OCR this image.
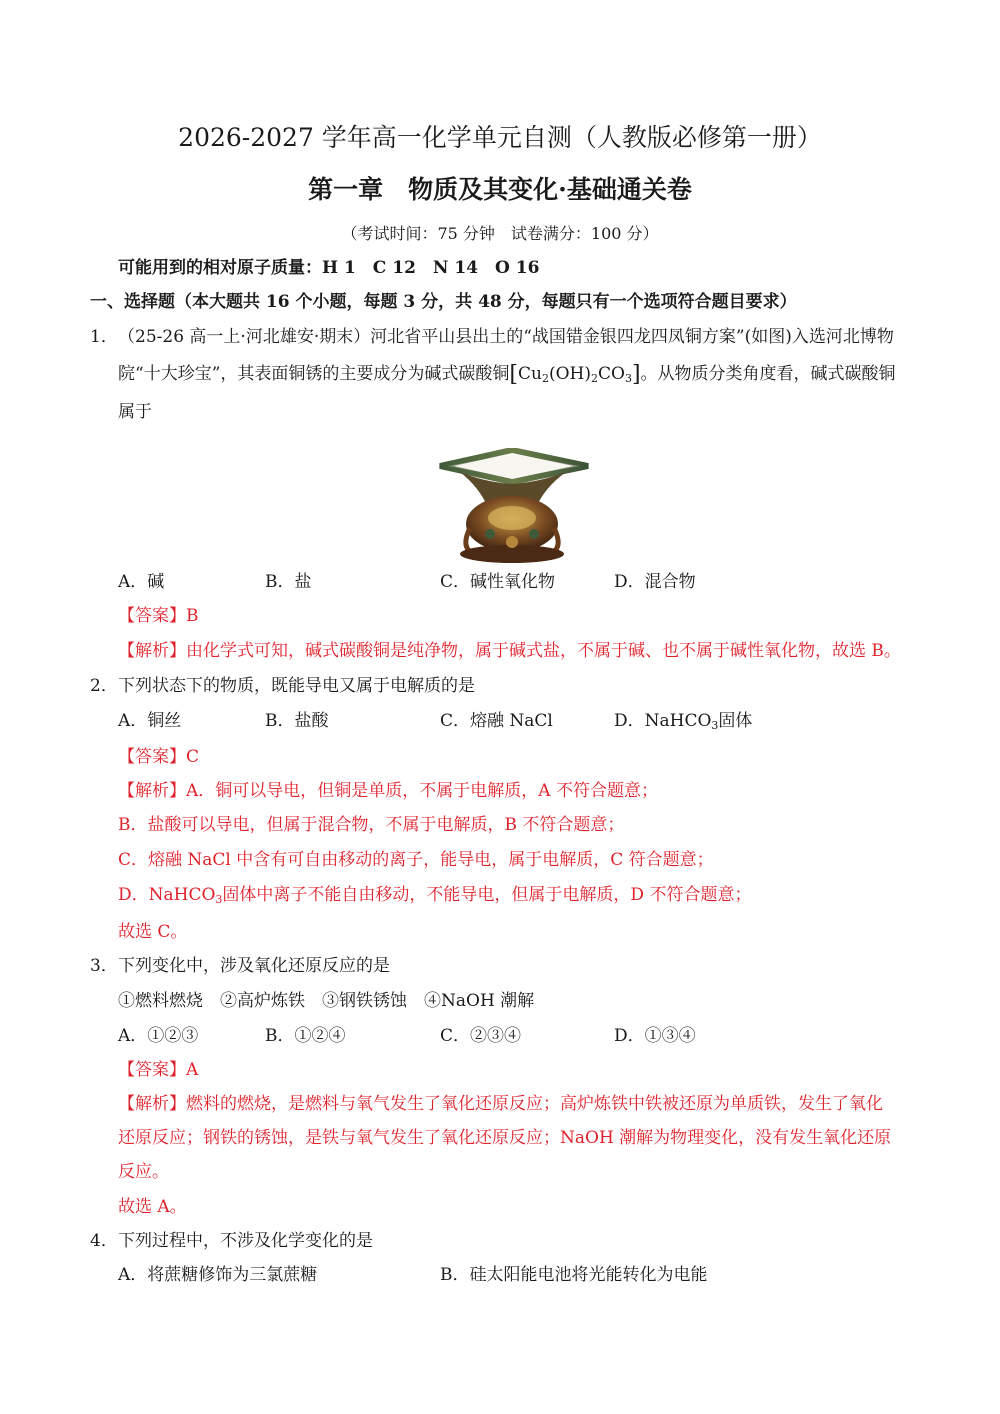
2026-2027 学年高一化学单元自测（人教版必修第一册）
第一章　物质及其变化·基础通关卷
（考试时间：75 分钟　试卷满分：100 分）
可能用到的相对原子质量：H 1　C 12　N 14　O 16
一、选择题（本大题共 16 个小题，每题 3 分，共 48 分，每题只有一个选项符合题目要求）
1． （25-26 高一上·河北雄安·期末）河北省平山县出土的“战国错金银四龙四凤铜方案”(如图)入选河北博物
院“十大珍宝”，其表面铜锈的主要成分为碱式碳酸铜$[Cu_2(OH)_2CO_3]$。从物质分类角度看，碱式碳酸铜
属于
A．碱	B．盐	C．碱性氧化物	D．混合物
【答案】B
【解析】由化学式可知，碱式碳酸铜是纯净物，属于碱式盐，不属于碱、也不属于碱性氧化物，故选 B。
2． 下列状态下的物质，既能导电又属于电解质的是
A．铜丝	B．盐酸	C．熔融 NaCl	D．NaHCO$_3$固体
【答案】C
【解析】A．铜可以导电，但铜是单质，不属于电解质，A 不符合题意；
B．盐酸可以导电，但属于混合物，不属于电解质，B 不符合题意；
C．熔融 NaCl 中含有可自由移动的离子，能导电，属于电解质，C 符合题意；
D．NaHCO$_3$固体中离子不能自由移动，不能导电，但属于电解质，D 不符合题意；
故选 C。
3． 下列变化中，涉及氧化还原反应的是
①燃料燃烧　②高炉炼铁　③钢铁锈蚀　④NaOH 潮解
A．①②③	B．①②④	C．②③④	D．①③④
【答案】A
【解析】燃料的燃烧，是燃料与氧气发生了氧化还原反应；高炉炼铁中铁被还原为单质铁，发生了氧化
还原反应；钢铁的锈蚀，是铁与氧气发生了氧化还原反应；NaOH 潮解为物理变化，没有发生氧化还原
反应。
故选 A。
4． 下列过程中，不涉及化学变化的是
A．将蔗糖修饰为三氯蔗糖	B．硅太阳能电池将光能转化为电能
